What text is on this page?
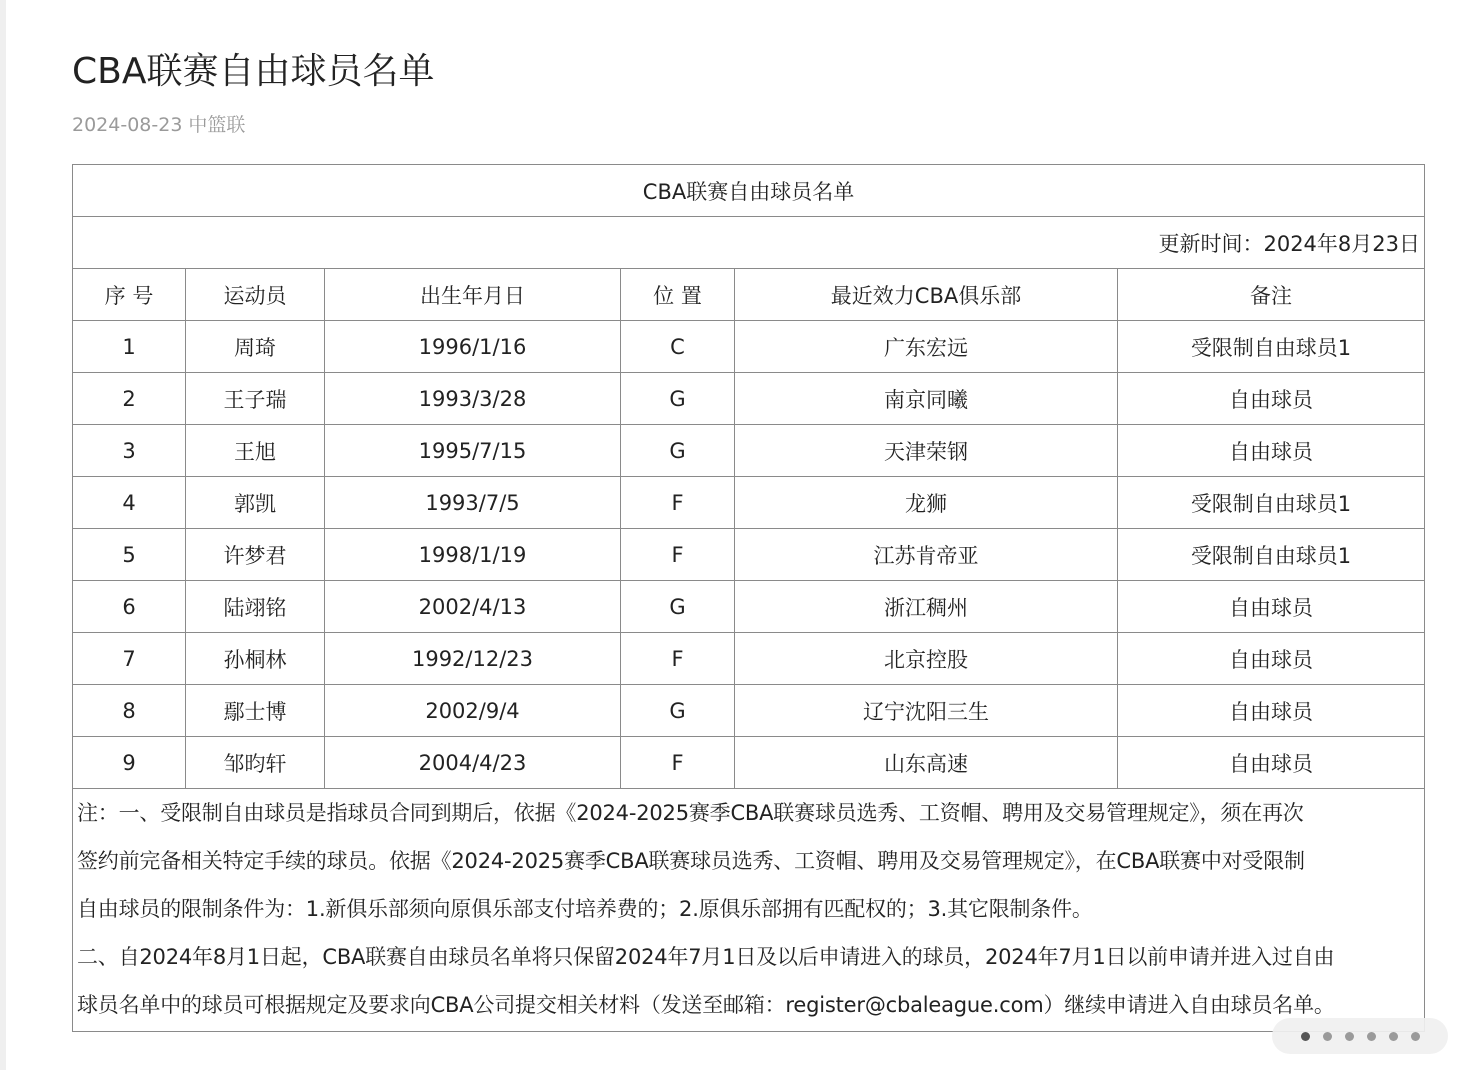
CBA联赛自由球员名单
2024-08-23 中篮联
CBA联赛自由球员名单					
更新时间：2024年8月23日					
序 号	运动员	出生年月日	位 置	最近效力CBA俱乐部	备注
1	周琦	1996/1/16	C	广东宏远	受限制自由球员1
2	王子瑞	1993/3/28	G	南京同曦	自由球员
3	王旭	1995/7/15	G	天津荣钢	自由球员
4	郭凯	1993/7/5	F	龙狮	受限制自由球员1
5	许梦君	1998/1/19	F	江苏肯帝亚	受限制自由球员1
6	陆翊铭	2002/4/13	G	浙江稠州	自由球员
7	孙桐林	1992/12/23	F	北京控股	自由球员
8	鄢士博	2002/9/4	G	辽宁沈阳三生	自由球员
9	邹昀轩	2004/4/23	F	山东高速	自由球员

注：一、受限制自由球员是指球员合同到期后，依据《2024-2025赛季CBA联赛球员选秀、工资帽、聘用及交易管理规定》，须在再次
签约前完备相关特定手续的球员。依据《2024-2025赛季CBA联赛球员选秀、工资帽、聘用及交易管理规定》，在CBA联赛中对受限制
自由球员的限制条件为：1.新俱乐部须向原俱乐部支付培养费的；2.原俱乐部拥有匹配权的；3.其它限制条件。
二、自2024年8月1日起，CBA联赛自由球员名单将只保留2024年7月1日及以后申请进入的球员，2024年7月1日以前申请并进入过自由
球员名单中的球员可根据规定及要求向CBA公司提交相关材料（发送至邮箱：register@cbaleague.com）继续申请进入自由球员名单。					
